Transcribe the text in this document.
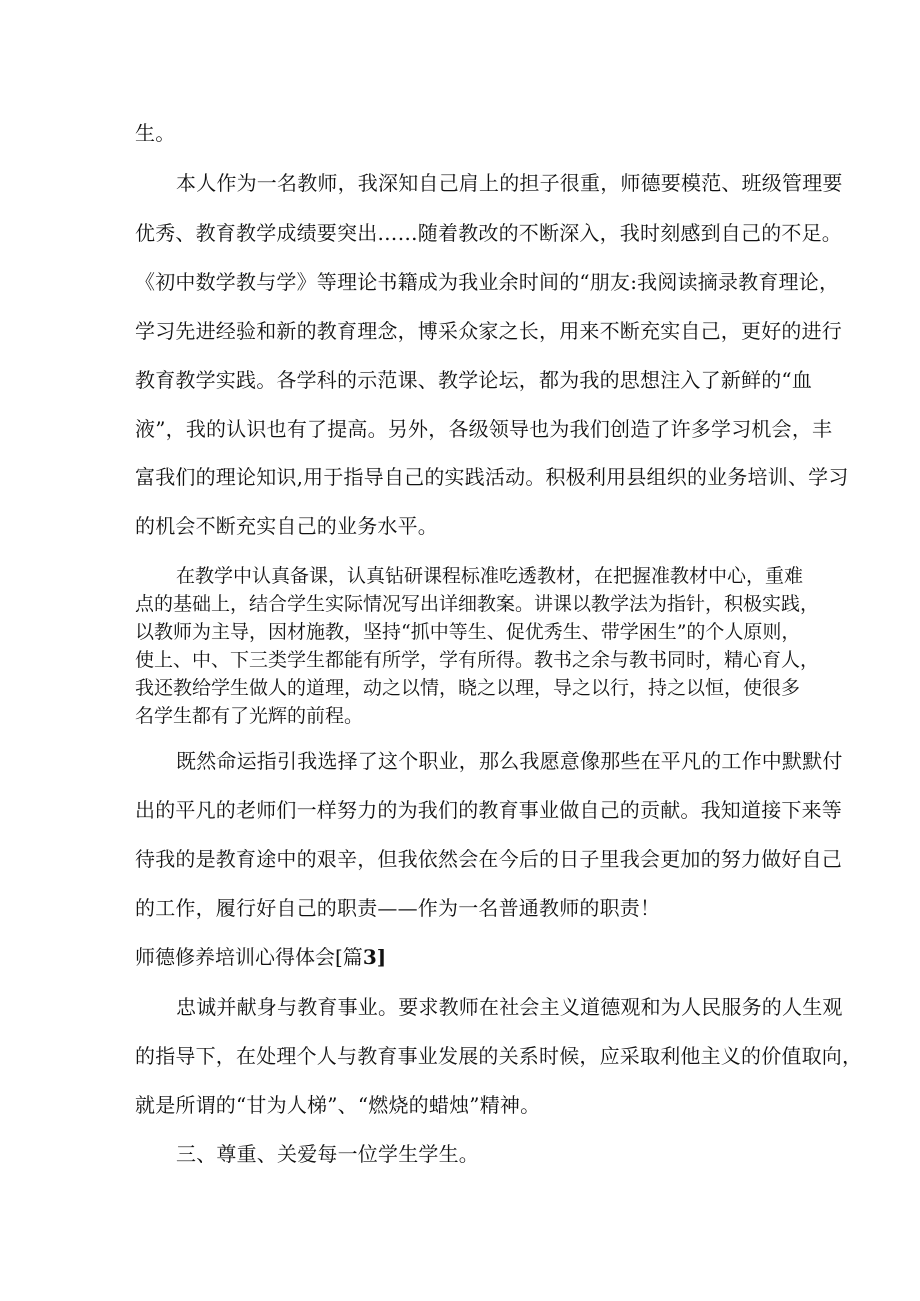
生。
本人作为一名教师，我深知自己肩上的担子很重，师德要模范、班级管理要
优秀、教育教学成绩要突出……随着教改的不断深入，我时刻感到自己的不足。
《初中数学教与学》等理论书籍成为我业余时间的“朋友:我阅读摘录教育理论，
学习先进经验和新的教育理念，博采众家之长，用来不断充实自己，更好的进行
教育教学实践。各学科的示范课、教学论坛，都为我的思想注入了新鲜的“血
液”，我的认识也有了提高。另外，各级领导也为我们创造了许多学习机会，丰
富我们的理论知识,用于指导自己的实践活动。积极利用县组织的业务培训、学习
的机会不断充实自己的业务水平。
在教学中认真备课，认真钻研课程标准吃透教材，在把握准教材中心，重难
点的基础上，结合学生实际情况写出详细教案。讲课以教学法为指针，积极实践，
以教师为主导，因材施教，坚持“抓中等生、促优秀生、带学困生”的个人原则，
使上、中、下三类学生都能有所学，学有所得。教书之余与教书同时，精心育人，
我还教给学生做人的道理，动之以情，晓之以理，导之以行，持之以恒，使很多
名学生都有了光辉的前程。
既然命运指引我选择了这个职业，那么我愿意像那些在平凡的工作中默默付
出的平凡的老师们一样努力的为我们的教育事业做自己的贡献。我知道接下来等
待我的是教育途中的艰辛，但我依然会在今后的日子里我会更加的努力做好自己
的工作，履行好自己的职责——作为一名普通教师的职责！
师德修养培训心得体会[篇3]
忠诚并献身与教育事业。要求教师在社会主义道德观和为人民服务的人生观
的指导下，在处理个人与教育事业发展的关系时候，应采取利他主义的价值取向，
就是所谓的“甘为人梯”、“燃烧的蜡烛”精神。
三、尊重、关爱每一位学生学生。
